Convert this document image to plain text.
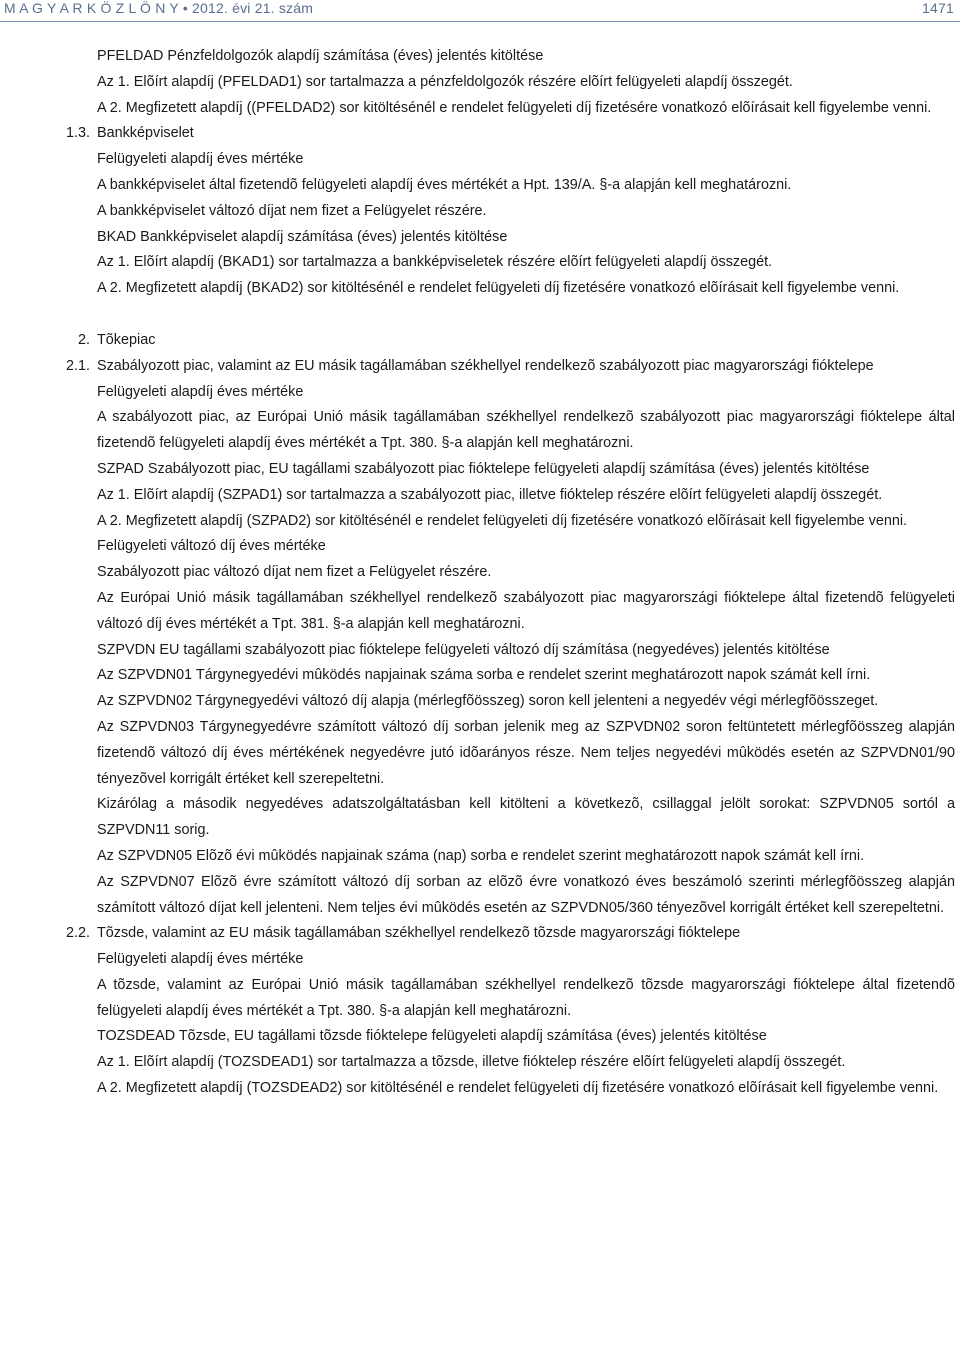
M A G Y A R K Ö Z L Ö N Y • 2012. évi 21. szám	1471
PFELDAD Pénzfeldolgozók alapdíj számítása (éves) jelentés kitöltése
Az 1. Elõírt alapdíj (PFELDAD1) sor tartalmazza a pénzfeldolgozók részére elõírt felügyeleti alapdíj összegét.
A 2. Megfizetett alapdíj ((PFELDAD2) sor kitöltésénél e rendelet felügyeleti díj fizetésére vonatkozó elõírásait kell figyelembe venni.
1.3. Bankképviselet
Felügyeleti alapdíj éves mértéke
A bankképviselet által fizetendõ felügyeleti alapdíj éves mértékét a Hpt. 139/A. §-a alapján kell meghatározni.
A bankképviselet változó díjat nem fizet a Felügyelet részére.
BKAD Bankképviselet alapdíj számítása (éves) jelentés kitöltése
Az 1. Elõírt alapdíj (BKAD1) sor tartalmazza a bankképviseletek részére elõírt felügyeleti alapdíj összegét.
A 2. Megfizetett alapdíj (BKAD2) sor kitöltésénél e rendelet felügyeleti díj fizetésére vonatkozó elõírásait kell figyelembe venni.
2. Tõkepiac
2.1. Szabályozott piac, valamint az EU másik tagállamában székhellyel rendelkezõ szabályozott piac magyarországi fióktelepe
Felügyeleti alapdíj éves mértéke
A szabályozott piac, az Európai Unió másik tagállamában székhellyel rendelkezõ szabályozott piac magyarországi fióktelepe által fizetendõ felügyeleti alapdíj éves mértékét a Tpt. 380. §-a alapján kell meghatározni.
SZPAD Szabályozott piac, EU tagállami szabályozott piac fióktelepe felügyeleti alapdíj számítása (éves) jelentés kitöltése
Az 1. Elõírt alapdíj (SZPAD1) sor tartalmazza a szabályozott piac, illetve fióktelep részére elõírt felügyeleti alapdíj összegét.
A 2. Megfizetett alapdíj (SZPAD2) sor kitöltésénél e rendelet felügyeleti díj fizetésére vonatkozó elõírásait kell figyelembe venni.
Felügyeleti változó díj éves mértéke
Szabályozott piac változó díjat nem fizet a Felügyelet részére.
Az Európai Unió másik tagállamában székhellyel rendelkezõ szabályozott piac magyarországi fióktelepe által fizetendõ felügyeleti változó díj éves mértékét a Tpt. 381. §-a alapján kell meghatározni.
SZPVDN EU tagállami szabályozott piac fióktelepe felügyeleti változó díj számítása (negyedéves) jelentés kitöltése
Az SZPVDN01 Tárgynegyedévi mûködés napjainak száma sorba e rendelet szerint meghatározott napok számát kell írni.
Az SZPVDN02 Tárgynegyedévi változó díj alapja (mérlegfõösszeg) soron kell jelenteni a negyedév végi mérlegfõösszeget.
Az SZPVDN03 Tárgynegyedévre számított változó díj sorban jelenik meg az SZPVDN02 soron feltüntetett mérlegfõösszeg alapján fizetendõ változó díj éves mértékének negyedévre jutó idõarányos része. Nem teljes negyedévi mûködés esetén az SZPVDN01/90 tényezõvel korrigált értéket kell szerepeltetni.
Kizárólag a második negyedéves adatszolgáltatásban kell kitölteni a következõ, csillaggal jelölt sorokat: SZPVDN05 sortól a SZPVDN11 sorig.
Az SZPVDN05 Elõzõ évi mûködés napjainak száma (nap) sorba e rendelet szerint meghatározott napok számát kell írni.
Az SZPVDN07 Elõzõ évre számított változó díj sorban az elõzõ évre vonatkozó éves beszámoló szerinti mérlegfõösszeg alapján számított változó díjat kell jelenteni. Nem teljes évi mûködés esetén az SZPVDN05/360 tényezõvel korrigált értéket kell szerepeltetni.
2.2. Tõzsde, valamint az EU másik tagállamában székhellyel rendelkezõ tõzsde magyarországi fióktelepe
Felügyeleti alapdíj éves mértéke
A tõzsde, valamint az Európai Unió másik tagállamában székhellyel rendelkezõ tõzsde magyarországi fióktelepe által fizetendõ felügyeleti alapdíj éves mértékét a Tpt. 380. §-a alapján kell meghatározni.
TOZSDEAD Tõzsde, EU tagállami tõzsde fióktelepe felügyeleti alapdíj számítása (éves) jelentés kitöltése
Az 1. Elõírt alapdíj (TOZSDEAD1) sor tartalmazza a tõzsde, illetve fióktelep részére elõírt felügyeleti alapdíj összegét.
A 2. Megfizetett alapdíj (TOZSDEAD2) sor kitöltésénél e rendelet felügyeleti díj fizetésére vonatkozó elõírásait kell figyelembe venni.
